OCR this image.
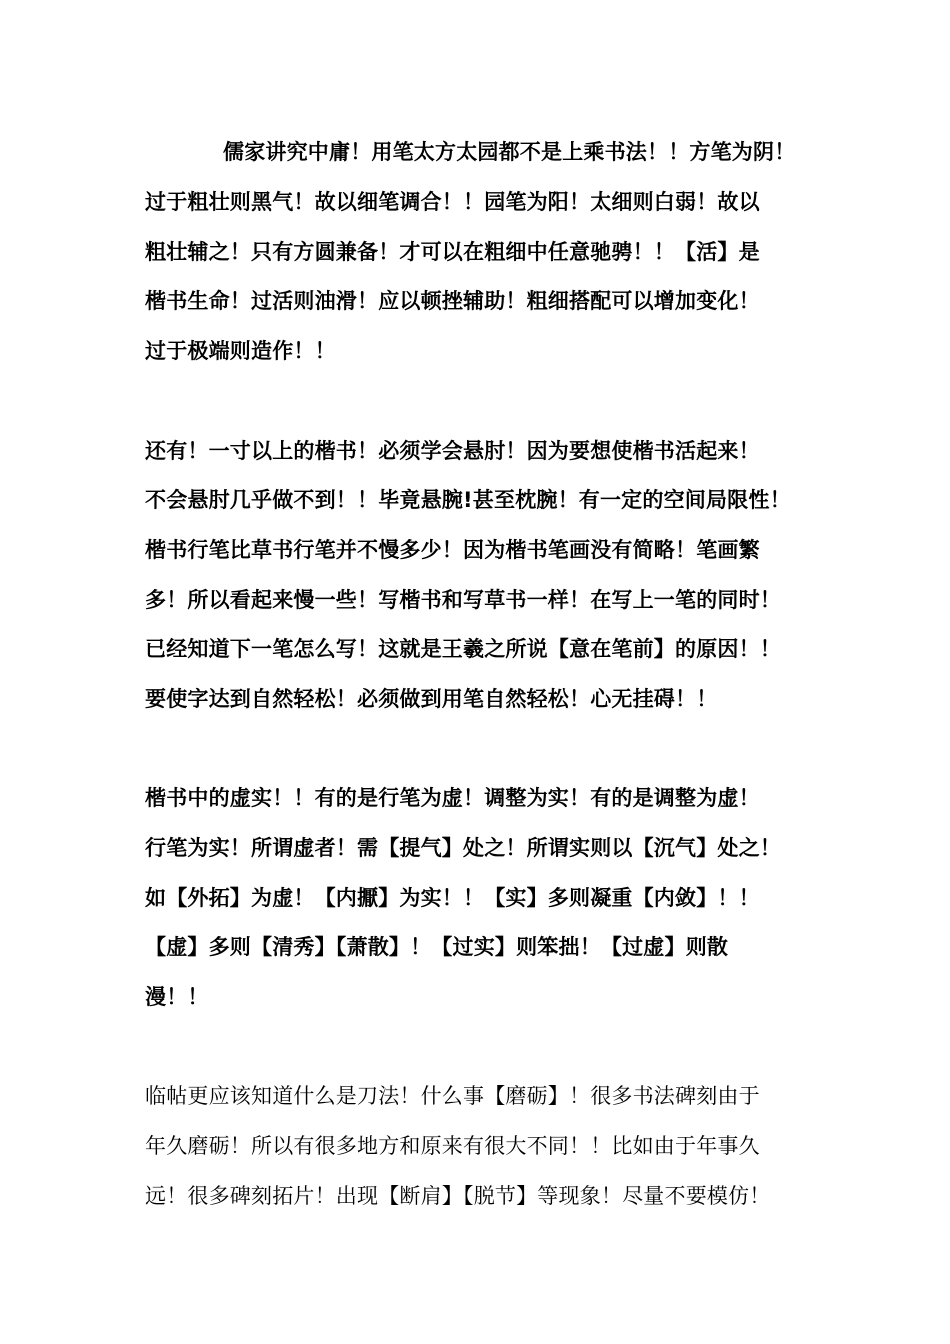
儒家讲究中庸！用笔太方太园都不是上乘书法！！方笔为阴！
过于粗壮则黑气！故以细笔调合！！园笔为阳！太细则白弱！故以
粗壮辅之！只有方圆兼备！才可以在粗细中任意驰骋！！【活】是
楷书生命！过活则油滑！应以顿挫辅助！粗细搭配可以增加变化！
过于极端则造作！！
还有！一寸以上的楷书！必须学会悬肘！因为要想使楷书活起来！
不会悬肘几乎做不到！！毕竟悬腕!甚至枕腕！有一定的空间局限性！
楷书行笔比草书行笔并不慢多少！因为楷书笔画没有简略！笔画繁
多！所以看起来慢一些！写楷书和写草书一样！在写上一笔的同时！
已经知道下一笔怎么写！这就是王羲之所说【意在笔前】的原因！！
要使字达到自然轻松！必须做到用笔自然轻松！心无挂碍！！
楷书中的虚实！！有的是行笔为虚！调整为实！有的是调整为虚！
行笔为实！所谓虚者！需【提气】处之！所谓实则以【沉气】处之！
如【外拓】为虚！【内擫】为实！！【实】多则凝重【内敛】！！
【虚】多则【清秀】【萧散】！【过实】则笨拙！【过虚】则散
漫！！
临帖更应该知道什么是刀法！什么事【磨砺】！很多书法碑刻由于
年久磨砺！所以有很多地方和原来有很大不同！！比如由于年事久
远！很多碑刻拓片！出现【断肩】【脱节】等现象！尽量不要模仿！
